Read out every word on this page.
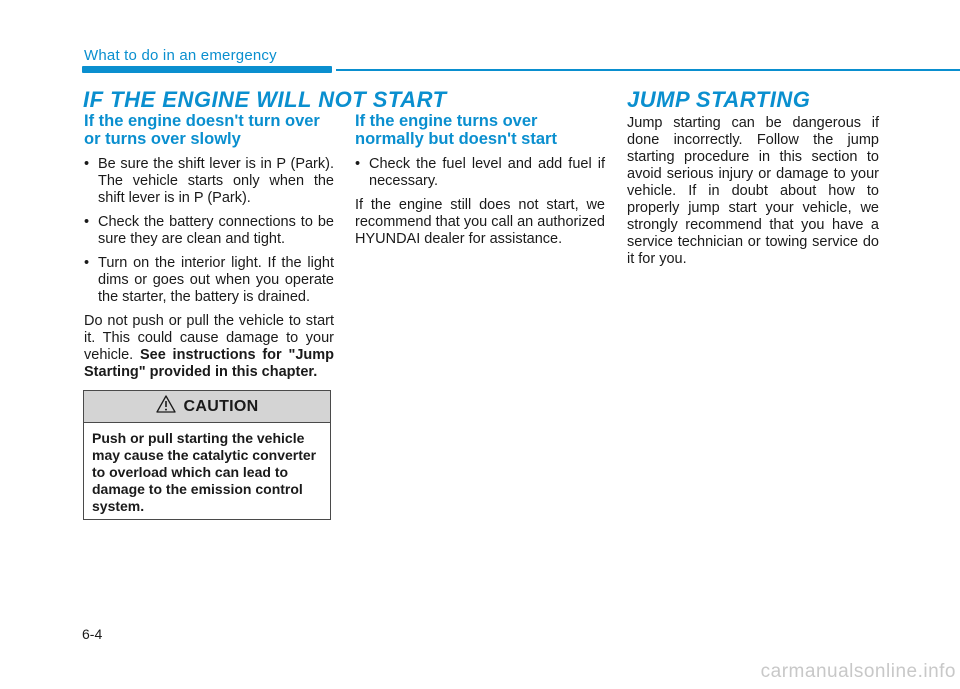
What to do in an emergency
IF THE ENGINE WILL NOT START	JUMP STARTING
If the engine doesn't turn over or turns over slowly
• Be sure the shift lever is in P (Park). The vehicle starts only when the shift lever is in P (Park).
• Check the battery connections to be sure they are clean and tight.
• Turn on the interior light. If the light dims or goes out when you operate the starter, the battery is drained.

Do not push or pull the vehicle to start it. This could cause damage to your vehicle. See instructions for "Jump Starting" provided in this chapter.

CAUTION
Push or pull starting the vehicle may cause the catalytic converter to overload which can lead to damage to the emission control system.
If the engine turns over normally but doesn't start
• Check the fuel level and add fuel if necessary.

If the engine still does not start, we recommend that you call an authorized HYUNDAI dealer for assistance.

Jump starting can be dangerous if done incorrectly. Follow the jump starting procedure in this section to avoid serious injury or damage to your vehicle. If in doubt about how to properly jump start your vehicle, we strongly recommend that you have a service technician or towing service do it for you.

6-4
carmanualsonline.info
